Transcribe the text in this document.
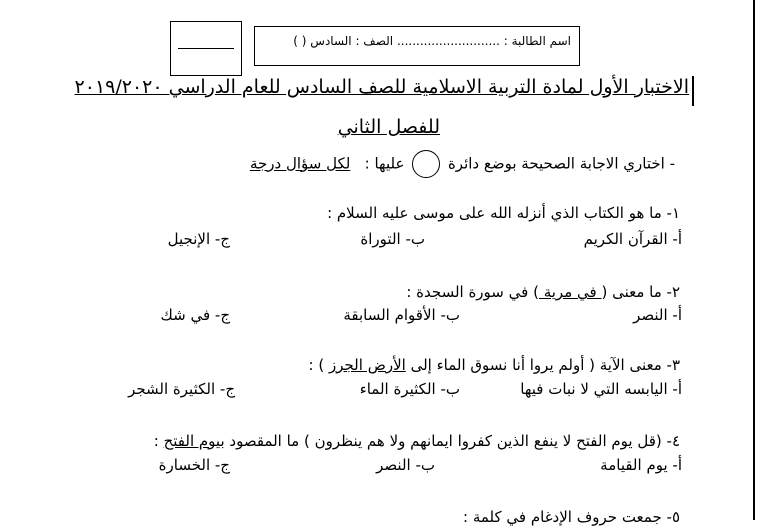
_______	اسم الطالبة : ........................... الصف : السادس ( )
الاختبار الأول لمادة التربية الاسلامية للصف السادس للعام الدراسي ٢٠١٩/٢٠٢٠
للفصل الثاني
- اختاري الاجابة الصحيحة بوضع دائرة  عليها :   لكل سؤال درجة
١- ما هو الكتاب الذي أنزله الله على موسى عليه السلام :
أ- القرآن الكريم
ب- التوراة
ج- الإنجيل
٢- ما معنى ( في مرية ) في سورة السجدة :
أ- النصر
ب- الأقوام السابقة
ج- في شك
٣- معنى الآية ( أولم يروا أنا نسوق الماء إلى الأرض الجرز ) :
أ- اليابسه التي لا نبات فيها
ب- الكثيرة الماء
ج- الكثيرة الشجر
٤- (قل يوم الفتح لا ينفع الذين كفروا ايمانهم ولا هم ينظرون ) ما المقصود بيوم الفتح :
أ- يوم القيامة
ب- النصر
ج- الخسارة
٥- جمعت حروف الإدغام في كلمة :
